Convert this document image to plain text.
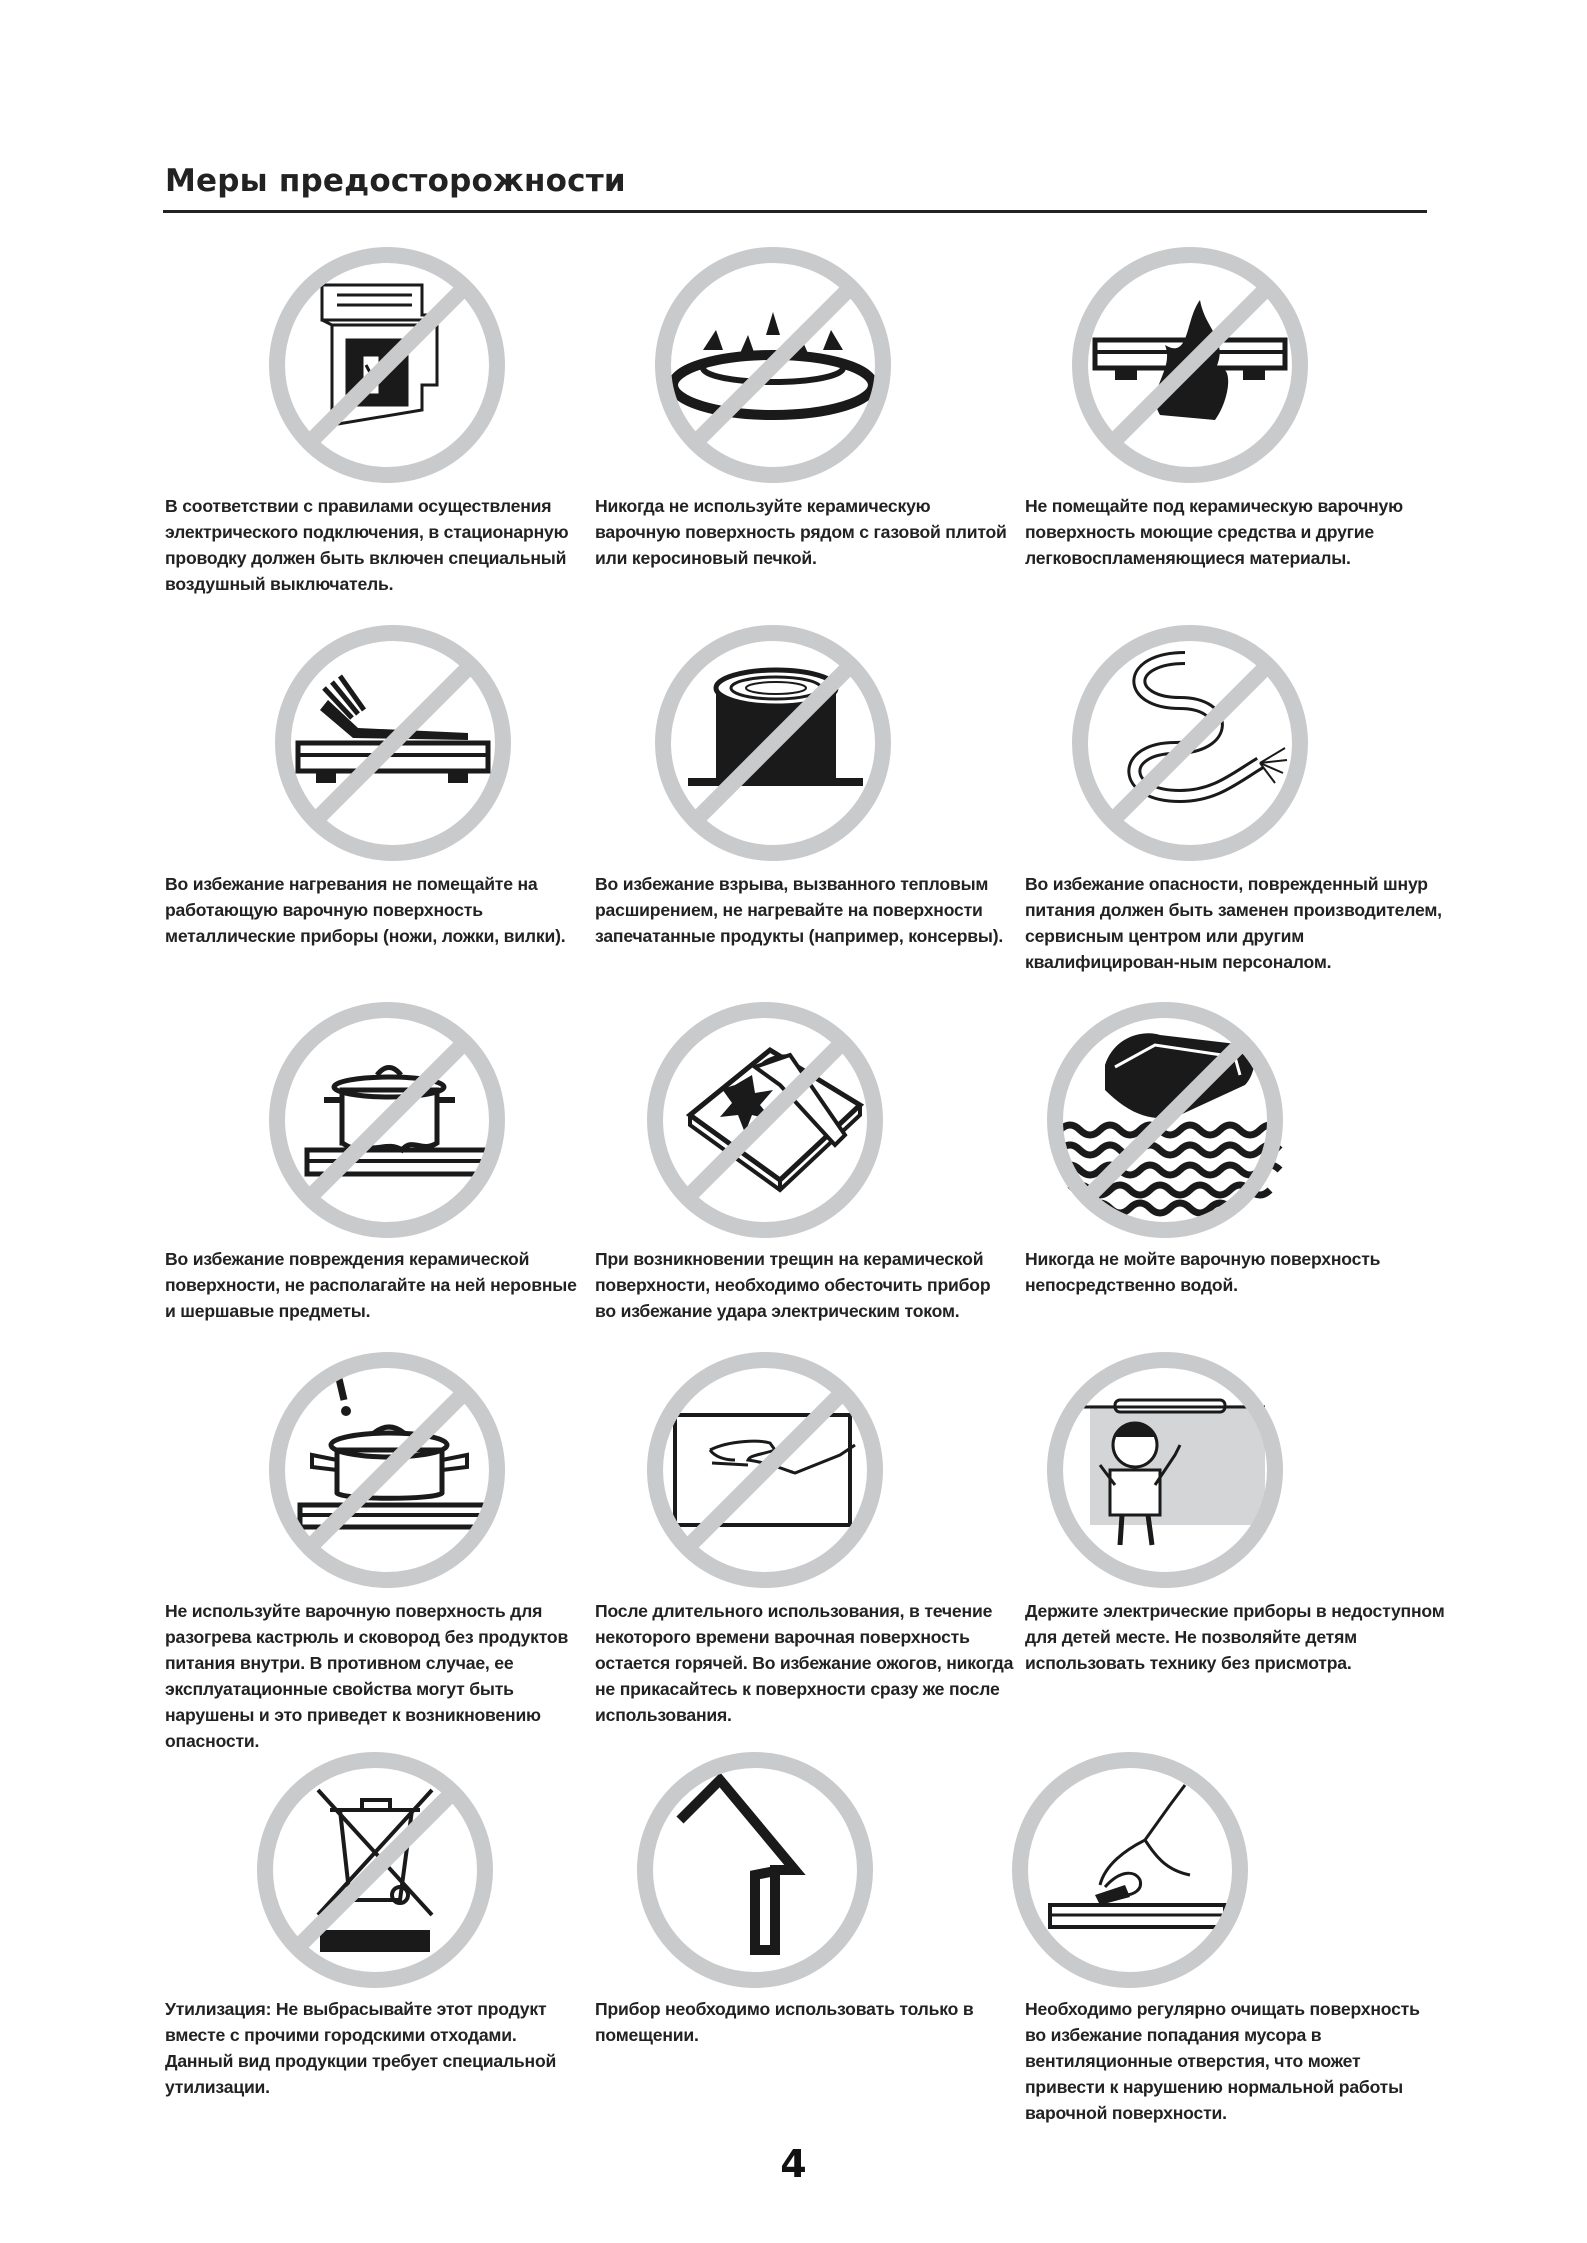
Меры предосторожности
В соответствии с правилами осуществления электрического подключения, в стационарную проводку должен быть включен специальный воздушный выключатель.
Никогда не используйте керамическую варочную поверхность рядом с газовой плитой или керосиновый печкой.
Не помещайте под керамическую варочную поверхность моющие средства и другие легковоспламеняющиеся материалы.
Во избежание нагревания не помещайте на работающую варочную поверхность металлические приборы (ножи, ложки, вилки).
Во избежание взрыва, вызванного тепловым расширением, не нагревайте на поверхности запечатанные продукты (например, консервы).
Во избежание опасности, поврежденный шнур питания должен быть заменен производителем, сервисным центром или другим квалифицирован-ным персоналом.
Во избежание повреждения керамической поверхности, не располагайте на ней неровные и шершавые предметы.
При возникновении трещин на керамической поверхности, необходимо обесточить прибор во избежание удара электрическим током.
Никогда не мойте варочную поверхность непосредственно водой.
Не используйте варочную поверхность для разогрева кастрюль и сковород без продуктов питания внутри. В противном случае, ее эксплуатационные свойства могут быть нарушены и это приведет к возникновению опасности.
После длительного использования, в течение некоторого времени варочная поверхность остается горячей. Во избежание ожогов, никогда не прикасайтесь к поверхности сразу же после использования.
Держите электрические приборы в недоступном для детей месте. Не позволяйте детям использовать технику без присмотра.
Утилизация: Не выбрасывайте этот продукт вместе с прочими городскими отходами. Данный вид продукции требует специальной утилизации.
Прибор необходимо использовать только в помещении.
Необходимо регулярно очищать поверхность во избежание попадания мусора в вентиляционные отверстия, что может привести к нарушению нормальной работы варочной поверхности.
4
